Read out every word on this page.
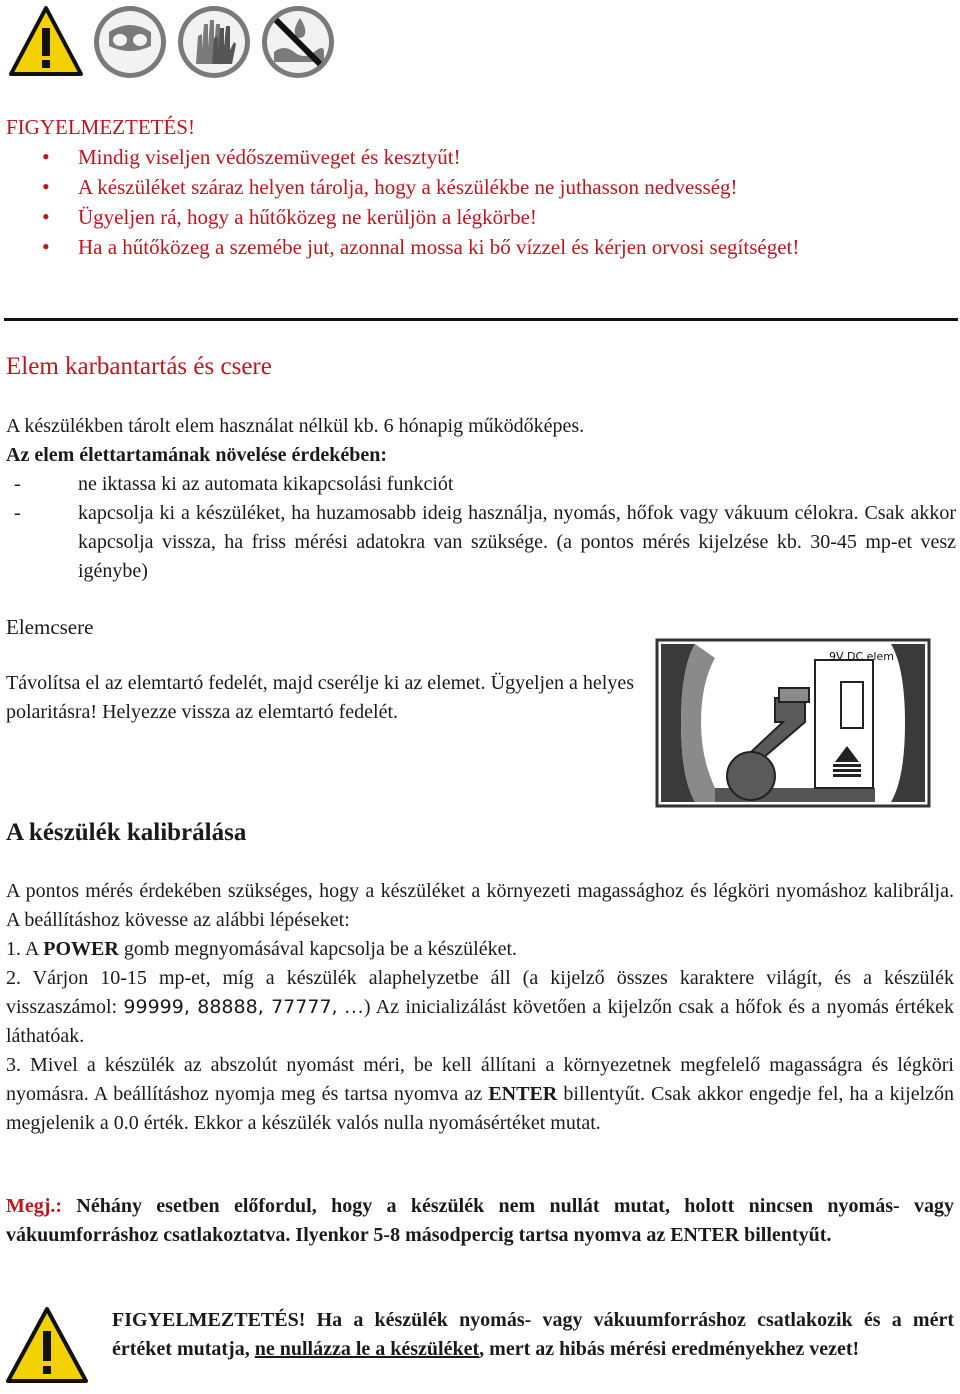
FIGYELMEZTETÉS!
• Mindig viseljen védőszemüveget és kesztyűt!
• A készüléket száraz helyen tárolja, hogy a készülékbe ne juthasson nedvesség!
• Ügyeljen rá, hogy a hűtőközeg ne kerüljön a légkörbe!
• Ha a hűtőközeg a szemébe jut, azonnal mossa ki bő vízzel és kérjen orvosi segítséget!
Elem karbantartás és csere
A készülékben tárolt elem használat nélkül kb. 6 hónapig működőképes.
Az elem élettartamának növelése érdekében:
- ne iktassa ki az automata kikapcsolási funkciót
- kapcsolja ki a készüléket, ha huzamosabb ideig használja, nyomás, hőfok vagy vákuum célokra. Csak akkor kapcsolja vissza, ha friss mérési adatokra van szüksége. (a pontos mérés kijelzése kb. 30-45 mp-et vesz igénybe)
Elemcsere
Távolítsa el az elemtartó fedelét, majd cserélje ki az elemet. Ügyeljen a helyes polaritásra! Helyezze vissza az elemtartó fedelét.
9V DC elem
A készülék kalibrálása

A pontos mérés érdekében szükséges, hogy a készüléket a környezeti magassághoz és légköri nyomáshoz kalibrálja. A beállításhoz kövesse az alábbi lépéseket:

1. A POWER gomb megnyomásával kapcsolja be a készüléket.

2. Várjon 10-15 mp-et, míg a készülék alaphelyzetbe áll (a kijelző összes karaktere világít, és a készülék visszaszámol: 99999, 88888, 77777, …) Az inicializálást követően a kijelzőn csak a hőfok és a nyomás értékek láthatóak.

3. Mivel a készülék az abszolút nyomást méri, be kell állítani a környezetnek megfelelő magasságra és légköri nyomásra. A beállításhoz nyomja meg és tartsa nyomva az ENTER billentyűt. Csak akkor engedje fel, ha a kijelzőn megjelenik a 0.0 érték. Ekkor a készülék valós nulla nyomásértéket mutat.

Megj.: Néhány esetben előfordul, hogy a készülék nem nullát mutat, holott nincsen nyomás- vagy vákuumforráshoz csatlakoztatva. Ilyenkor 5-8 másodpercig tartsa nyomva az ENTER billentyűt.
FIGYELMEZTETÉS! Ha a készülék nyomás- vagy vákuumforráshoz csatlakozik és a mért értéket mutatja, ne nullázza le a készüléket, mert az hibás mérési eredményekhez vezet!
